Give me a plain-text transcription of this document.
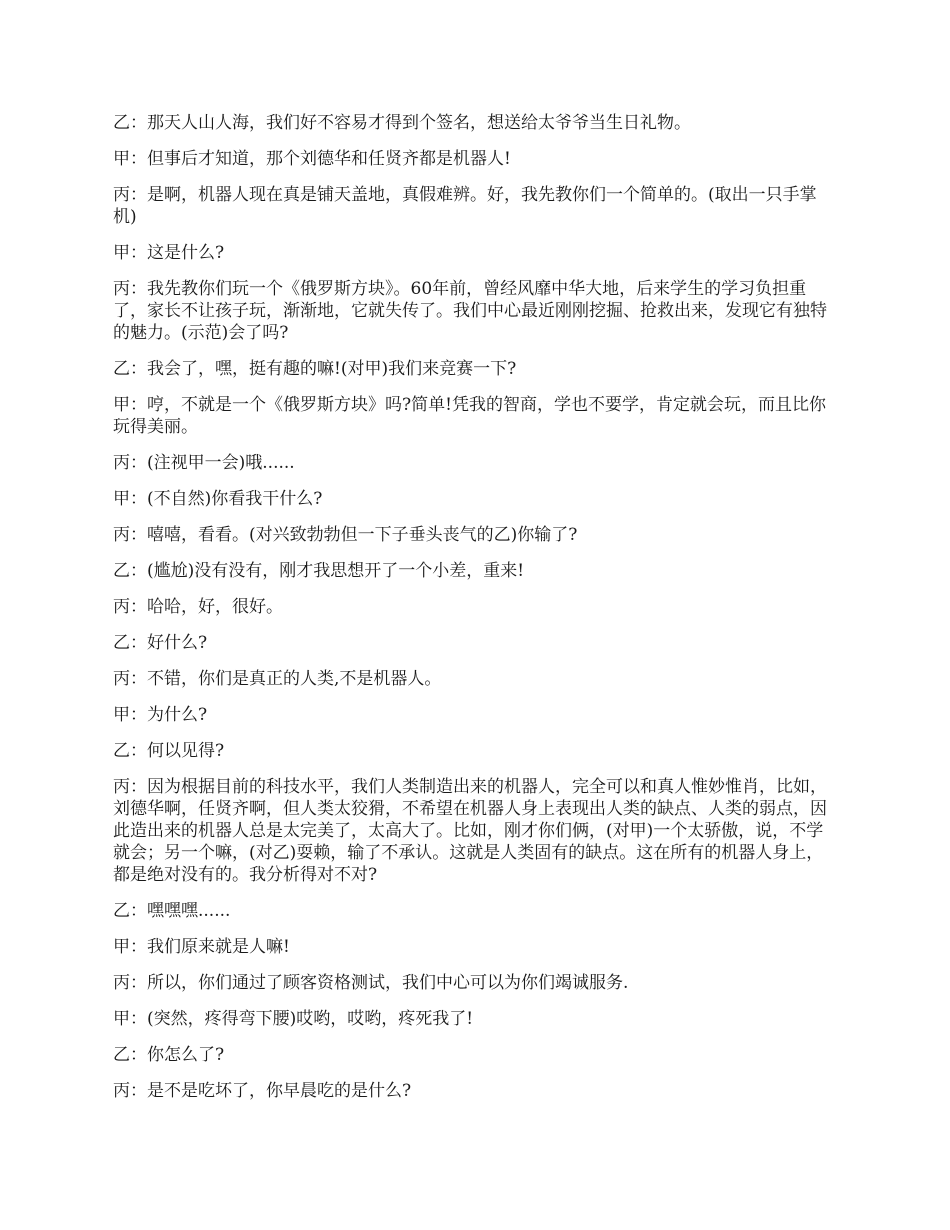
乙：那天人山人海，我们好不容易才得到个签名，想送给太爷爷当生日礼物。

甲：但事后才知道，那个刘德华和任贤齐都是机器人!

丙：是啊，机器人现在真是铺天盖地，真假难辨。好，我先教你们一个简单的。(取出一只手掌机)

甲：这是什么?

丙：我先教你们玩一个《俄罗斯方块》。60年前，曾经风靡中华大地，后来学生的学习负担重了，家长不让孩子玩，渐渐地，它就失传了。我们中心最近刚刚挖掘、抢救出来，发现它有独特的魅力。(示范)会了吗?

乙：我会了，嘿，挺有趣的嘛!(对甲)我们来竞赛一下?

甲：哼，不就是一个《俄罗斯方块》吗?简单!凭我的智商，学也不要学，肯定就会玩，而且比你玩得美丽。

丙：(注视甲一会)哦......

甲：(不自然)你看我干什么?

丙：嘻嘻，看看。(对兴致勃勃但一下子垂头丧气的乙)你输了?

乙：(尴尬)没有没有，刚才我思想开了一个小差，重来!

丙：哈哈，好，很好。

乙：好什么?

丙：不错，你们是真正的人类,不是机器人。

甲：为什么?

乙：何以见得?

丙：因为根据目前的科技水平，我们人类制造出来的机器人，完全可以和真人惟妙惟肖，比如，刘德华啊，任贤齐啊，但人类太狡猾，不希望在机器人身上表现出人类的缺点、人类的弱点，因此造出来的机器人总是太完美了，太高大了。比如，刚才你们俩，(对甲)一个太骄傲，说，不学就会；另一个嘛，(对乙)耍赖，输了不承认。这就是人类固有的缺点。这在所有的机器人身上，都是绝对没有的。我分析得对不对?

乙：嘿嘿嘿......

甲：我们原来就是人嘛!

丙：所以，你们通过了顾客资格测试，我们中心可以为你们竭诚服务.

甲：(突然，疼得弯下腰)哎哟，哎哟，疼死我了!

乙：你怎么了?

丙：是不是吃坏了，你早晨吃的是什么?
